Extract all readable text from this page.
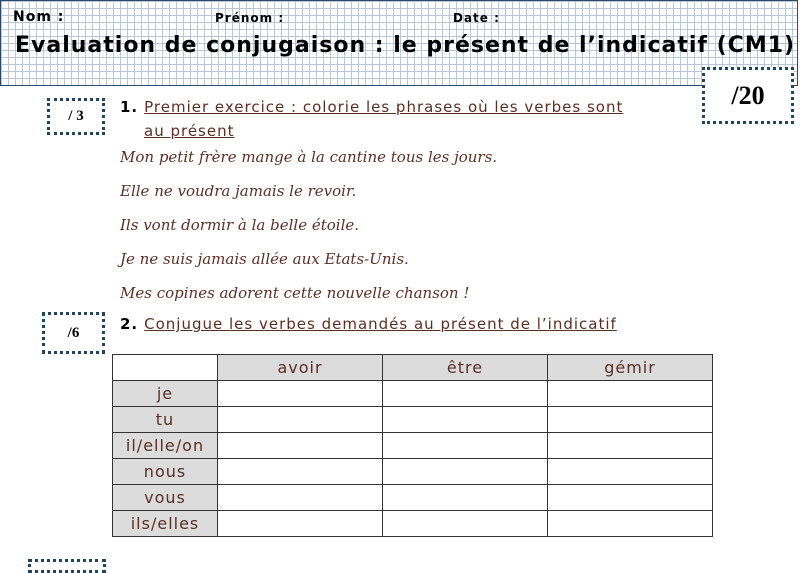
Nom :	Prénom :	Date :
Evaluation de conjugaison : le présent de l’indicatif (CM1)
/20
/ 3	1. Premier exercice : colorie les phrases où les verbes sont
au présent
Mon petit frère mange à la cantine tous les jours.
Elle ne voudra jamais le revoir.
Ils vont dormir à la belle étoile.
Je ne suis jamais allée aux Etats-Unis.
Mes copines adorent cette nouvelle chanson !
/6	2. Conjugue les verbes demandés au présent de l’indicatif
	avoir	être	gémir
je			
tu			
il/elle/on			
nous			
vous			
ils/elles			
